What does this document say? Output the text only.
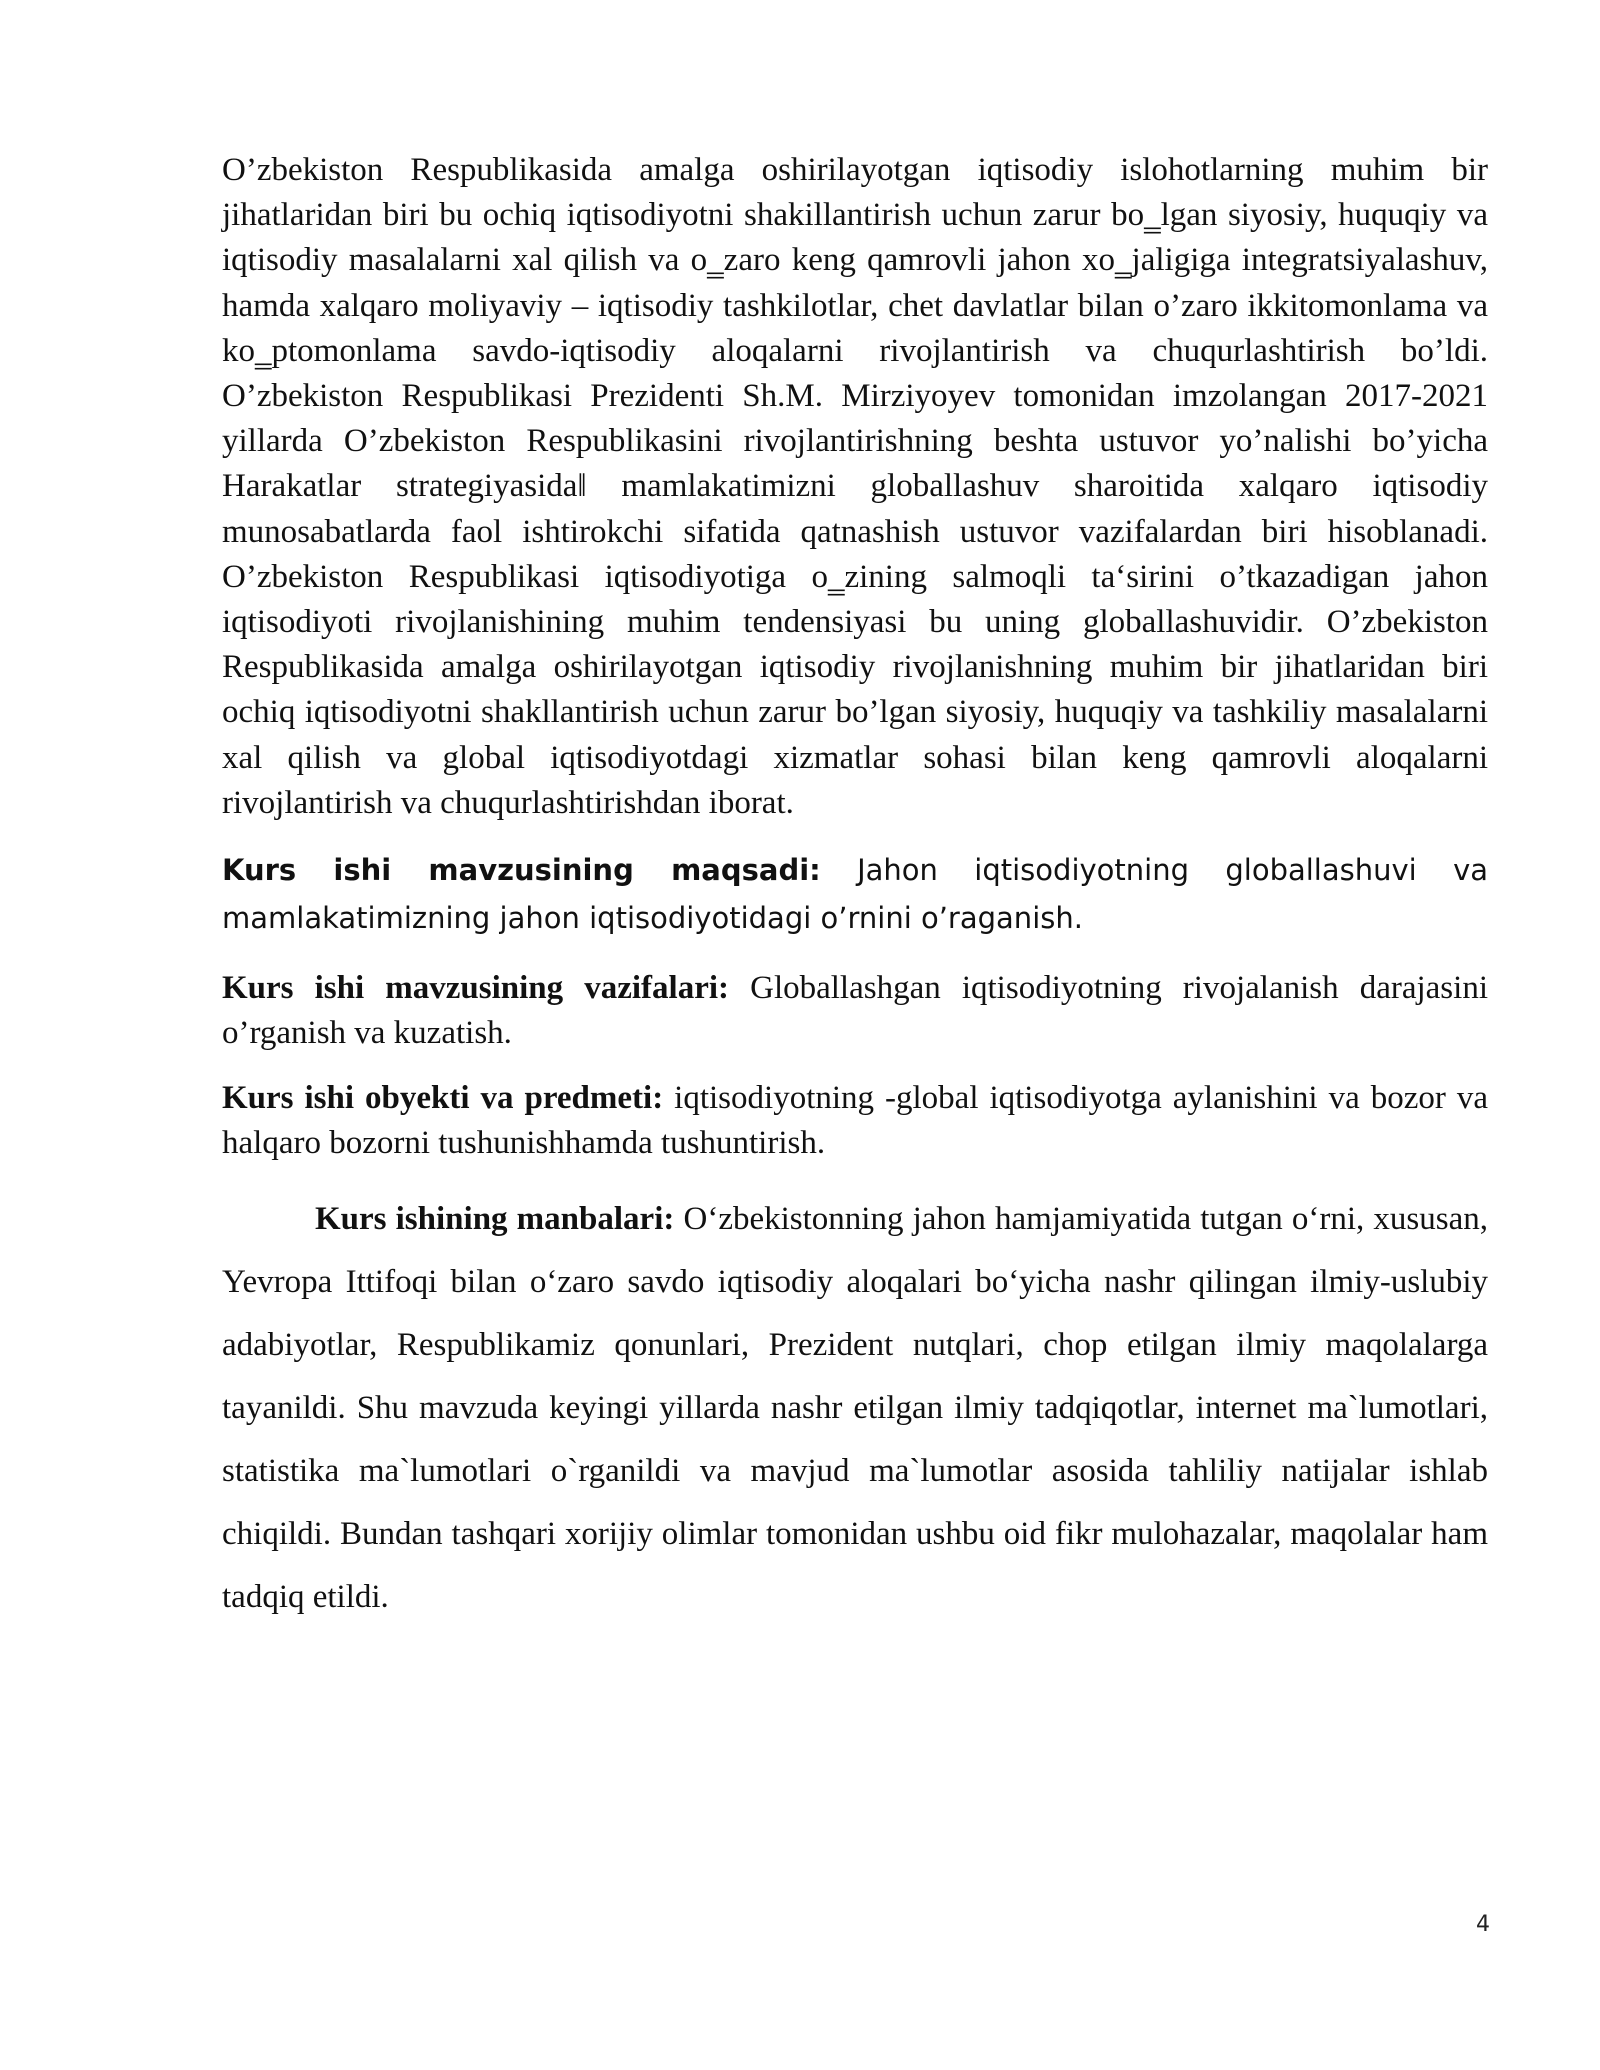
O’zbekiston Respublikasida amalga oshirilayotgan iqtisodiy islohotlarning muhim bir jihatlaridan biri bu ochiq iqtisodiyotni shakillantirish uchun zarur bo‗lgan siyosiy, huquqiy va iqtisodiy masalalarni xal qilish va o‗zaro keng qamrovli jahon xo‗jaligiga integratsiyalashuv, hamda xalqaro moliyaviy – iqtisodiy tashkilotlar, chet davlatlar bilan o’zaro ikkitomonlama va ko‗ptomonlama savdo-iqtisodiy aloqalarni rivojlantirish va chuqurlashtirish bo’ldi. O’zbekiston Respublikasi Prezidenti Sh.M. Mirziyoyev tomonidan imzolangan 2017-2021 yillarda O’zbekiston Respublikasini rivojlantirishning beshta ustuvor yo’nalishi bo’yicha Harakatlar strategiyasida‖ mamlakatimizni globallashuv sharoitida xalqaro iqtisodiy munosabatlarda faol ishtirokchi sifatida qatnashish ustuvor vazifalardan biri hisoblanadi. O’zbekiston Respublikasi iqtisodiyotiga o‗zining salmoqli ta‘sirini o’tkazadigan jahon iqtisodiyoti rivojlanishining muhim tendensiyasi bu uning globallashuvidir. O’zbekiston Respublikasida amalga oshirilayotgan iqtisodiy rivojlanishning muhim bir jihatlaridan biri ochiq iqtisodiyotni shakllantirish uchun zarur bo’lgan siyosiy, huquqiy va tashkiliy masalalarni xal qilish va global iqtisodiyotdagi xizmatlar sohasi bilan keng qamrovli aloqalarni rivojlantirish va chuqurlashtirishdan iborat.

Kurs ishi mavzusining maqsadi: Jahon iqtisodiyotning globallashuvi va mamlakatimizning jahon iqtisodiyotidagi o’rnini o’raganish.

Kurs ishi mavzusining vazifalari: Globallashgan iqtisodiyotning rivojalanish darajasini o’rganish va kuzatish.

Kurs ishi obyekti va predmeti: iqtisodiyotning -global iqtisodiyotga aylanishini va bozor va halqaro bozorni tushunishhamda tushuntirish.

Kurs ishining manbalari: O‘zbekistonning jahon hamjamiyatida tutgan o‘rni, xususan, Yevropa Ittifoqi bilan o‘zaro savdo iqtisodiy aloqalari bo‘yicha nashr qilingan ilmiy-uslubiy adabiyotlar, Respublikamiz qonunlari, Prezident nutqlari, chop etilgan ilmiy maqolalarga tayanildi. Shu mavzuda keyingi yillarda nashr etilgan ilmiy tadqiqotlar, internet ma`lumotlari, statistika ma`lumotlari o`rganildi va mavjud ma`lumotlar asosida tahliliy natijalar ishlab chiqildi. Bundan tashqari xorijiy olimlar tomonidan ushbu oid fikr mulohazalar, maqolalar ham tadqiq etildi.

4
